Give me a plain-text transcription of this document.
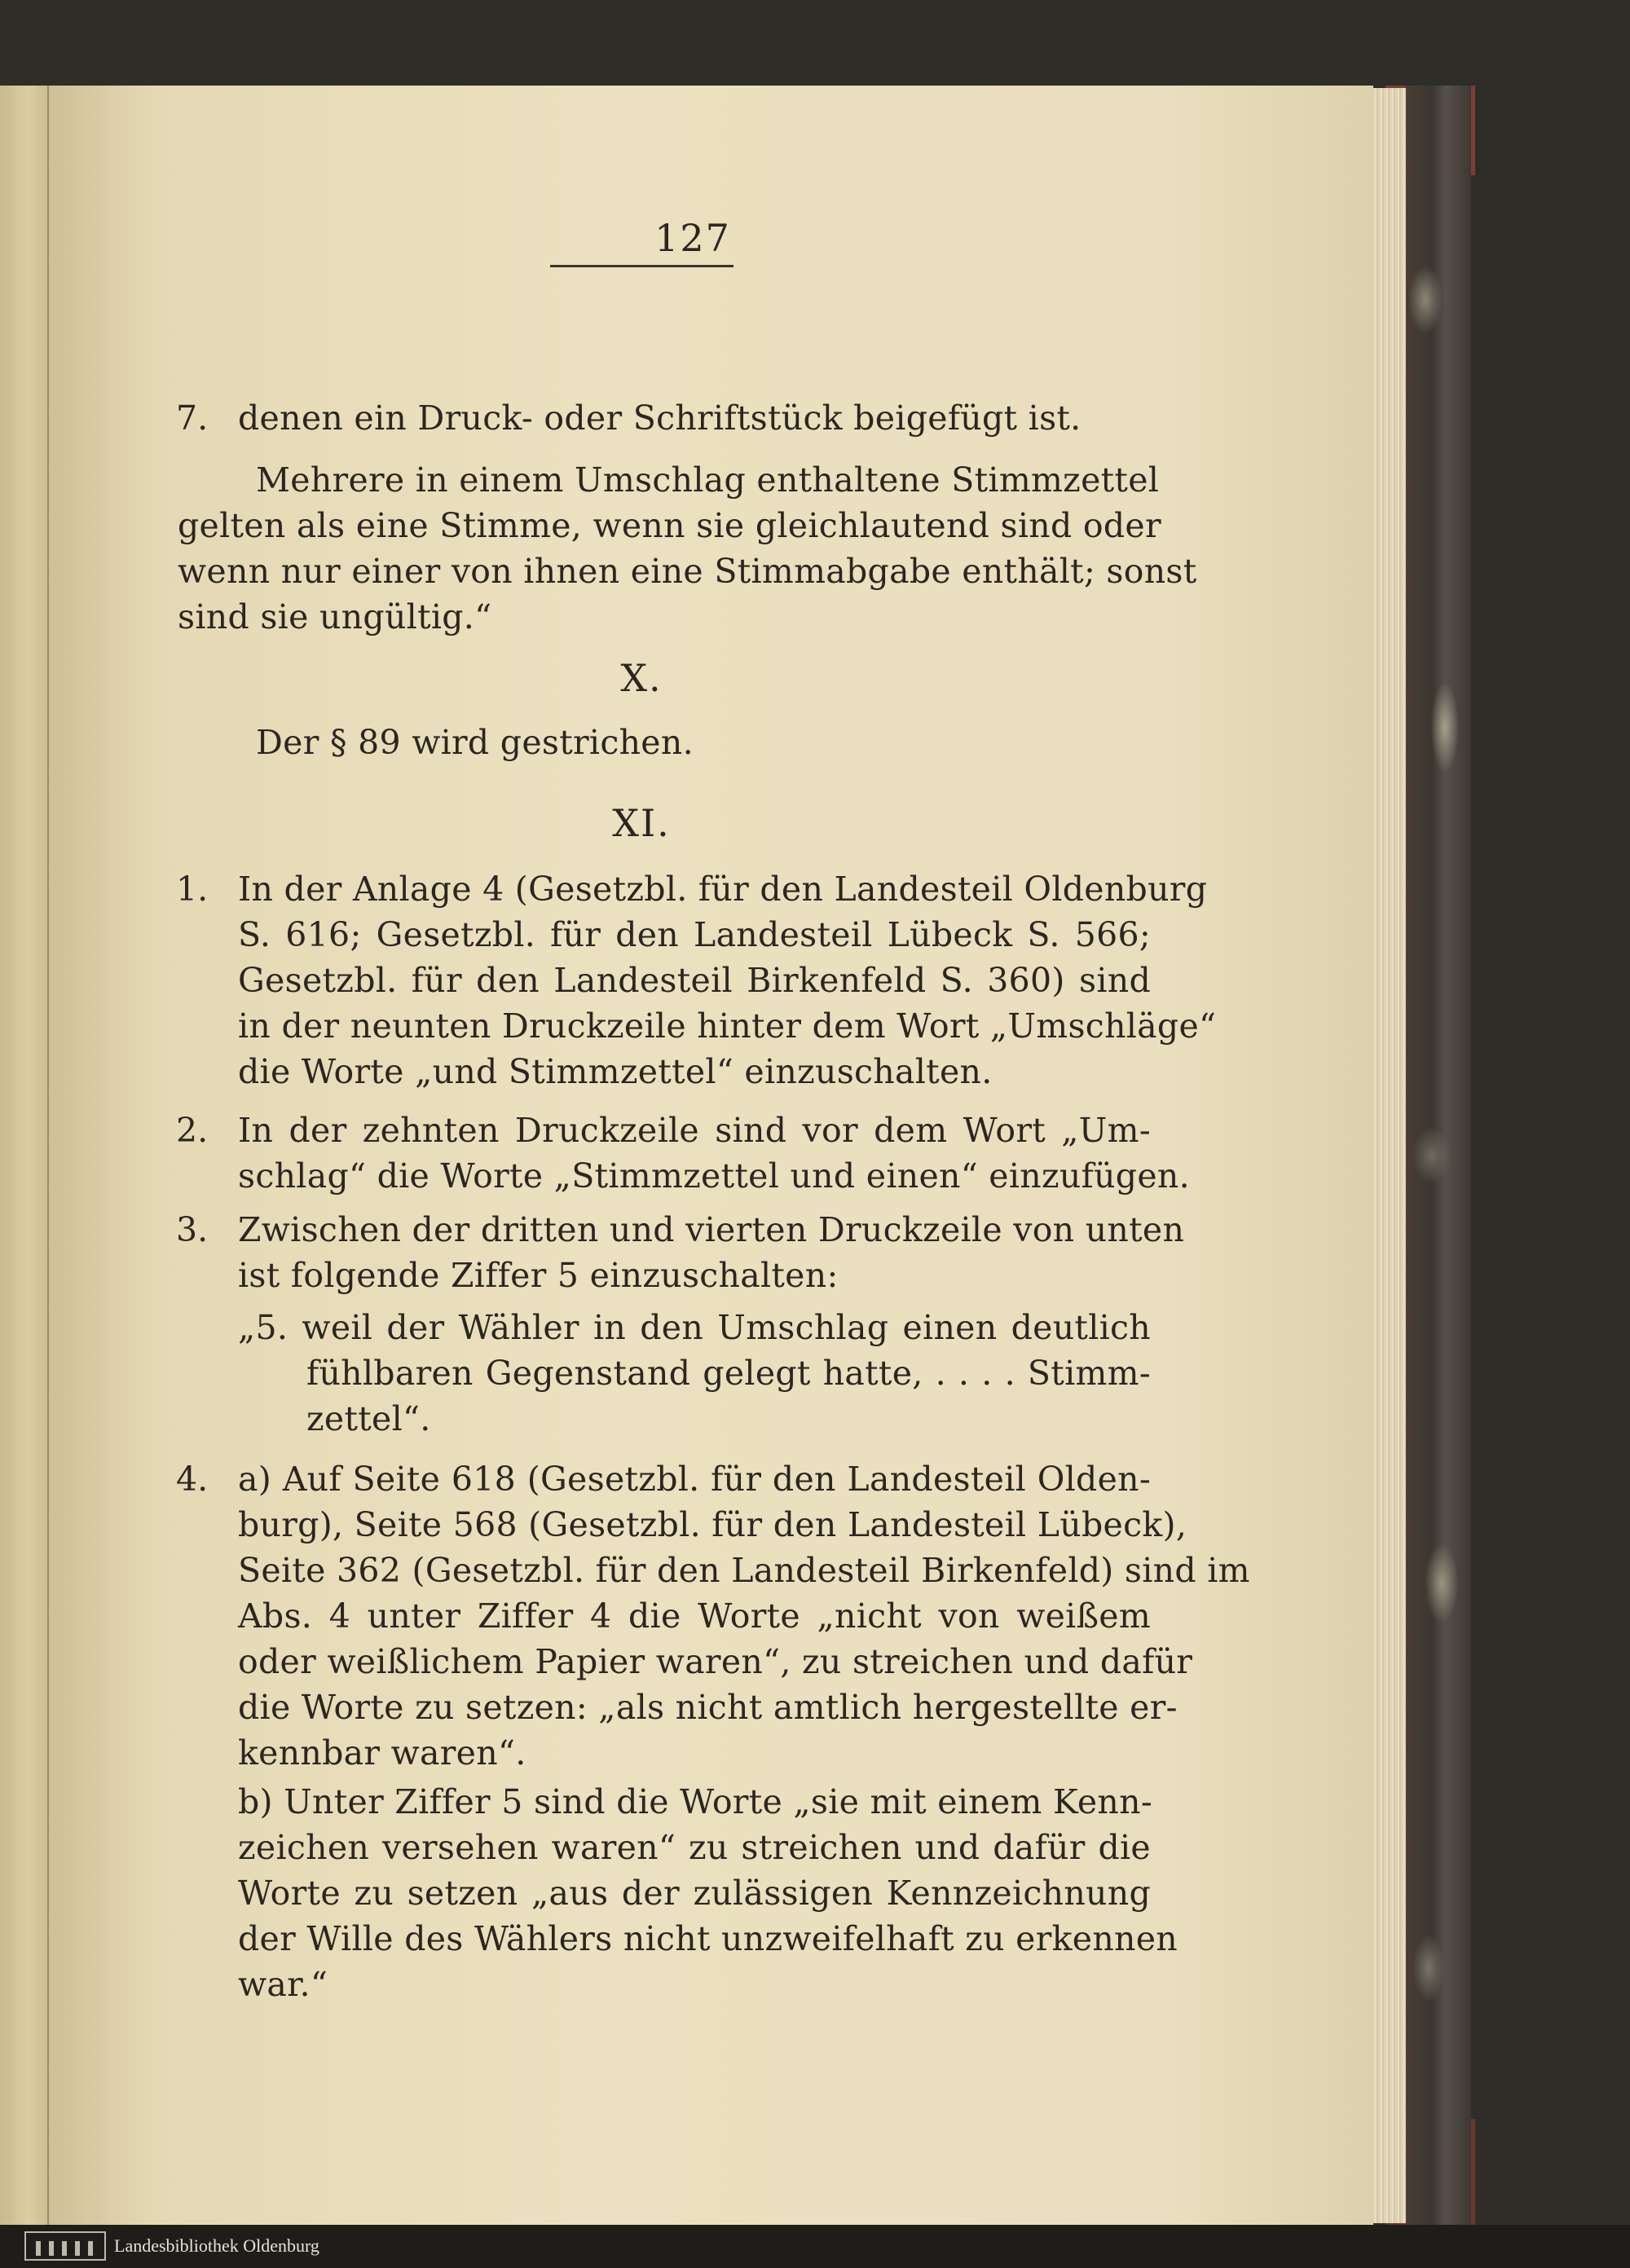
127
7. denen ein Druck- oder Schriftstück beigefügt ist.
Mehrere in einem Umschlag enthaltene Stimmzettel
gelten als eine Stimme, wenn sie gleichlautend sind oder
wenn nur einer von ihnen eine Stimmabgabe enthält; sonst
sind sie ungültig.“
X.
Der § 89 wird gestrichen.
XI.
1. In der Anlage 4 (Gesetzbl. für den Landesteil Oldenburg
S. 616; Gesetzbl. für den Landesteil Lübeck S. 566;
Gesetzbl. für den Landesteil Birkenfeld S. 360) sind
in der neunten Druckzeile hinter dem Wort „Umschläge“
die Worte „und Stimmzettel“ einzuschalten.
2. In der zehnten Druckzeile sind vor dem Wort „Um-
schlag“ die Worte „Stimmzettel und einen“ einzufügen.
3. Zwischen der dritten und vierten Druckzeile von unten
ist folgende Ziffer 5 einzuschalten:
„5. weil der Wähler in den Umschlag einen deutlich
fühlbaren Gegenstand gelegt hatte, . . . . Stimm-
zettel“.
4. a) Auf Seite 618 (Gesetzbl. für den Landesteil Olden-
burg), Seite 568 (Gesetzbl. für den Landesteil Lübeck),
Seite 362 (Gesetzbl. für den Landesteil Birkenfeld) sind im
Abs. 4 unter Ziffer 4 die Worte „nicht von weißem
oder weißlichem Papier waren“, zu streichen und dafür
die Worte zu setzen: „als nicht amtlich hergestellte er-
kennbar waren“.
b) Unter Ziffer 5 sind die Worte „sie mit einem Kenn-
zeichen versehen waren“ zu streichen und dafür die
Worte zu setzen „aus der zulässigen Kennzeichnung
der Wille des Wählers nicht unzweifelhaft zu erkennen
war.“
Landesbibliothek Oldenburg
